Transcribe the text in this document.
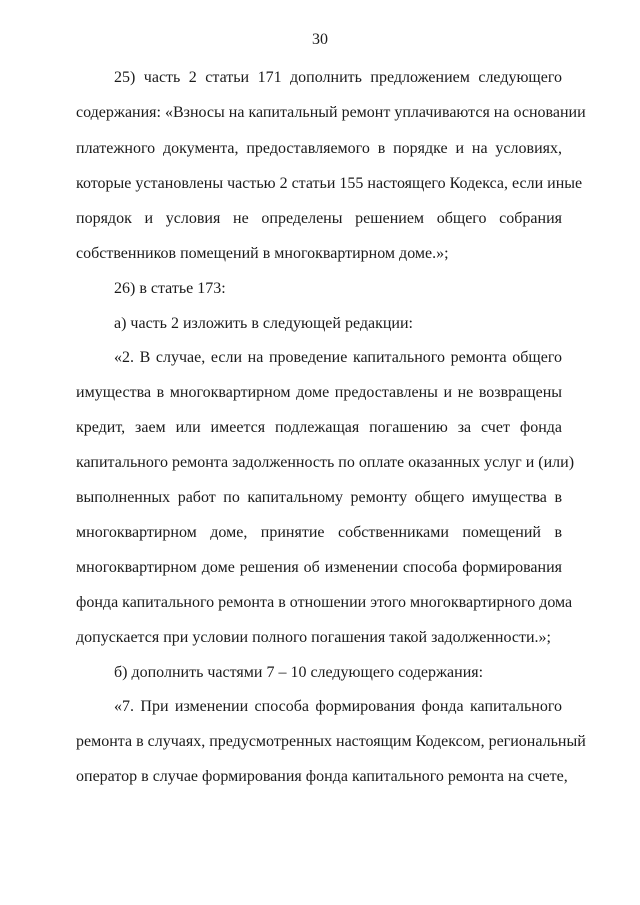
30
25) часть 2 статьи 171 дополнить предложением следующего
содержания: «Взносы на капитальный ремонт уплачиваются на основании
платежного документа, предоставляемого в порядке и на условиях,
которые установлены частью 2 статьи 155 настоящего Кодекса, если иные
порядок и условия не определены решением общего собрания
собственников помещений в многоквартирном доме.»;
26) в статье 173:
а) часть 2 изложить в следующей редакции:
«2. В случае, если на проведение капитального ремонта общего
имущества в многоквартирном доме предоставлены и не возвращены
кредит, заем или имеется подлежащая погашению за счет фонда
капитального ремонта задолженность по оплате оказанных услуг и (или)
выполненных работ по капитальному ремонту общего имущества в
многоквартирном доме, принятие собственниками помещений в
многоквартирном доме решения об изменении способа формирования
фонда капитального ремонта в отношении этого многоквартирного дома
допускается при условии полного погашения такой задолженности.»;
б) дополнить частями 7 – 10 следующего содержания:
«7. При изменении способа формирования фонда капитального
ремонта в случаях, предусмотренных настоящим Кодексом, региональный
оператор в случае формирования фонда капитального ремонта на счете,
